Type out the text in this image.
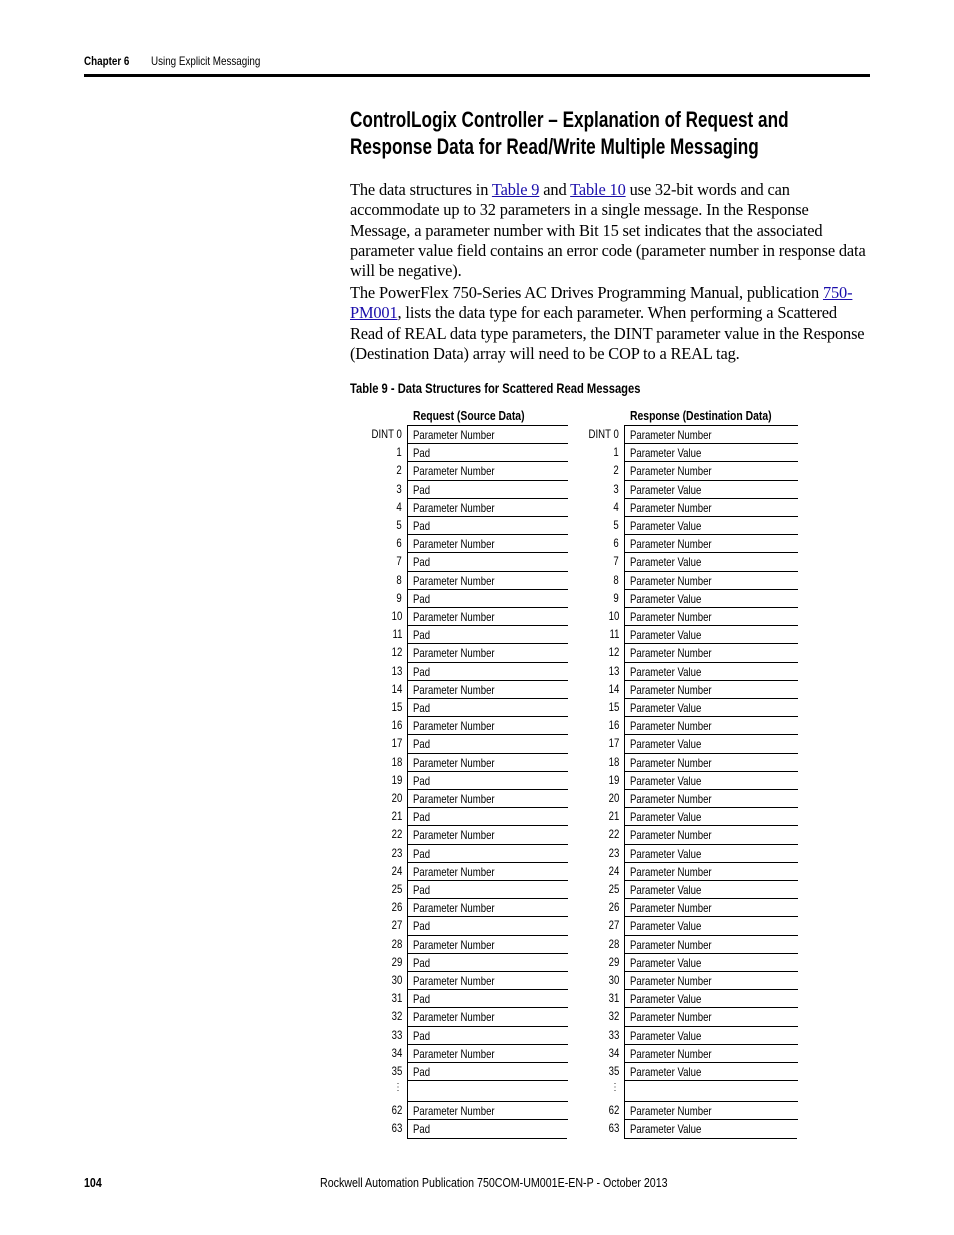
Chapter 6 Using Explicit Messaging
ControlLogix Controller – Explanation of Request and Response Data for Read/Write Multiple Messaging
The data structures in Table 9 and Table 10 use 32-bit words and can accommodate up to 32 parameters in a single message. In the Response Message, a parameter number with Bit 15 set indicates that the associated parameter value field contains an error code (parameter number in response data will be negative).
The PowerFlex 750-Series AC Drives Programming Manual, publication 750-PM001, lists the data type for each parameter. When performing a Scattered Read of REAL data type parameters, the DINT parameter value in the Response (Destination Data) array will need to be COP to a REAL tag.
Table 9 - Data Structures for Scattered Read Messages
Request (Source Data)	Response (Destination Data)
DINT 0 Parameter Number
1 Pad
2 Parameter Number
3 Pad
4 Parameter Number
5 Pad
6 Parameter Number
7 Pad
8 Parameter Number
9 Pad
10 Parameter Number
11 Pad
12 Parameter Number
13 Pad
14 Parameter Number
15 Pad
16 Parameter Number
17 Pad
18 Parameter Number
19 Pad
20 Parameter Number
21 Pad
22 Parameter Number
23 Pad
24 Parameter Number
25 Pad
26 Parameter Number
27 Pad
28 Parameter Number
29 Pad
30 Parameter Number
31 Pad
32 Parameter Number
33 Pad
34 Parameter Number
35 Pad
⋮
62 Parameter Number
63 Pad
DINT 0 Parameter Number
1 Parameter Value
2 Parameter Number
3 Parameter Value
4 Parameter Number
5 Parameter Value
6 Parameter Number
7 Parameter Value
8 Parameter Number
9 Parameter Value
10 Parameter Number
11 Parameter Value
12 Parameter Number
13 Parameter Value
14 Parameter Number
15 Parameter Value
16 Parameter Number
17 Parameter Value
18 Parameter Number
19 Parameter Value
20 Parameter Number
21 Parameter Value
22 Parameter Number
23 Parameter Value
24 Parameter Number
25 Parameter Value
26 Parameter Number
27 Parameter Value
28 Parameter Number
29 Parameter Value
30 Parameter Number
31 Parameter Value
32 Parameter Number
33 Parameter Value
34 Parameter Number
35 Parameter Value
⋮
62 Parameter Number
63 Parameter Value
104	Rockwell Automation Publication 750COM-UM001E-EN-P - October 2013
